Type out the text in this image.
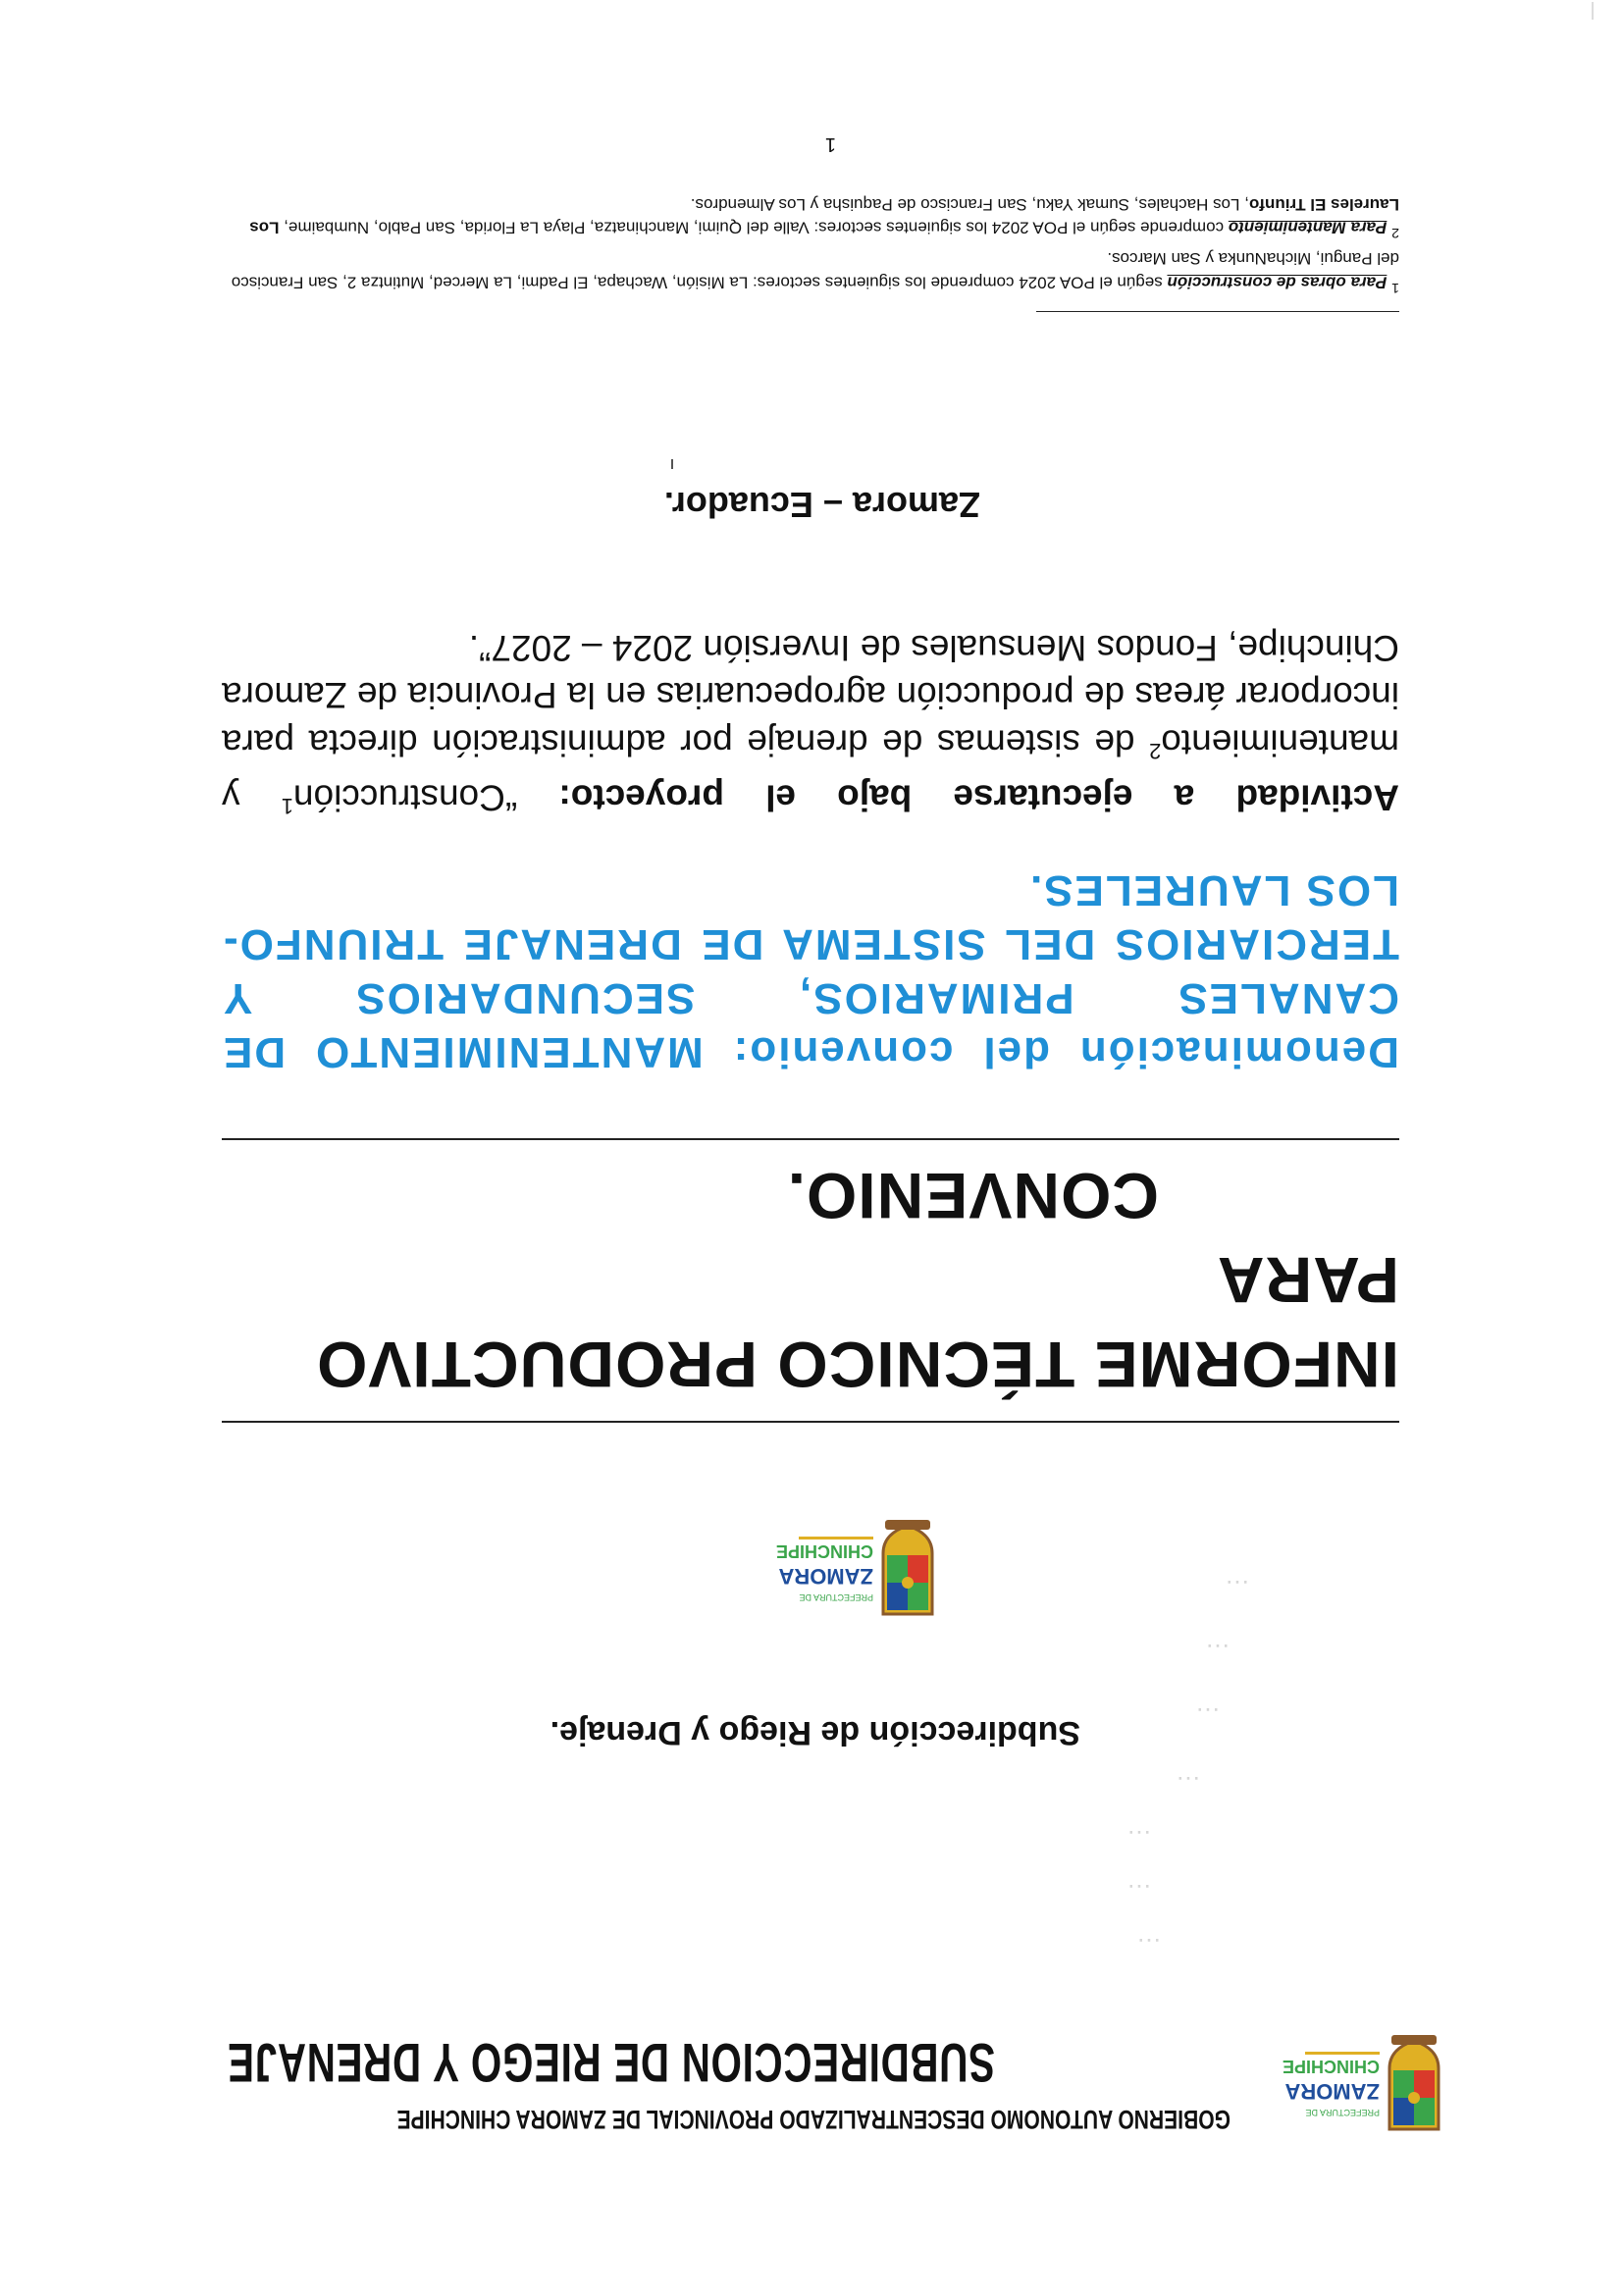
PREFECTURA DE
ZAMORA
CHINCHIPE
GOBIERNO AUTONOMO DESCENTRALIZADO PROVINCIAL DE ZAMORA CHINCHIPE
SUBDIRECCION DE RIEGO Y DRENAJE
…
…
…
…
…
…
…
Subdirección de Riego y Drenaje.
PREFECTURA DE
ZAMORA
CHINCHIPE
INFORME TÉCNICO PRODUCTIVO PARA
CONVENIO.
Denominación del convenio: MANTENIMIENTO DE CANALES PRIMARIOS, SECUNDARIOS Y TERCIARIOS DEL SISTEMA DE DRENAJE TRIUNFO- LOS LAURELES.
Actividad a ejecutarse bajo el proyecto: “Construcción$^1$ y mantenimiento$^2$ de sistemas de drenaje por administración directa para incorporar áreas de producción agropecuarias en la Provincia de Zamora Chinchipe, Fondos Mensuales de Inversión 2024 – 2027”.
Zamora – Ecuador.
$^1$ Para obras de construcción según el POA 2024 comprende los siguientes sectores: La Misión, Wachapa, El Padmi, La Merced, Mutintza 2, San Francisco del Pangui, MichaNunka y San Marcos.
$^2$ Para Mantenimiento comprende según el POA 2024 los siguientes sectores: Valle del Quimi, Manchinatza, Playa La Florida, San Pablo, Numbaime, Los Laureles El Triunfo, Los Hachales, Sumak Yaku, San Francisco de Paquisha y Los Almendros.
1
